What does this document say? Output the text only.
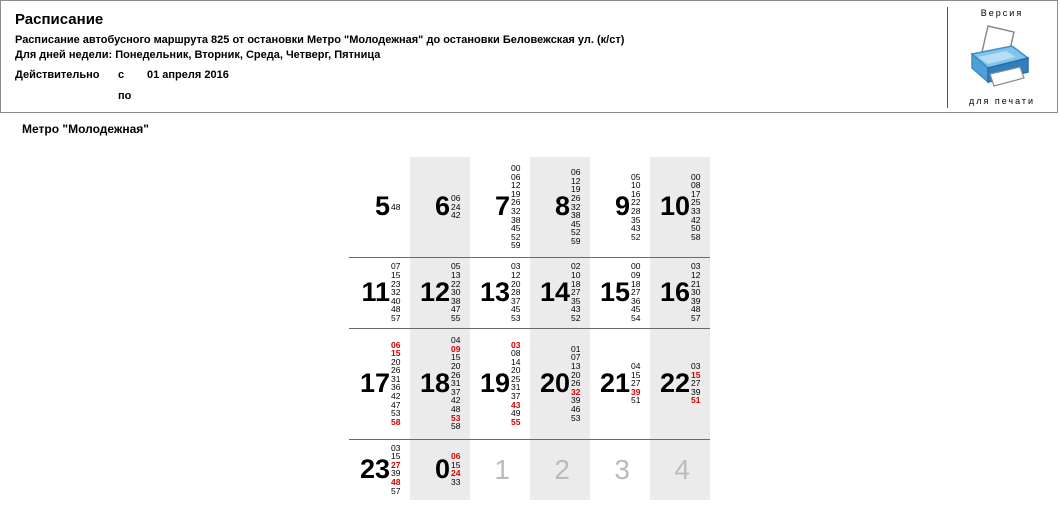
Расписание
Расписание автобусного маршрута 825 от остановки Метро "Молодежная" до остановки Беловежская ул. (к/ст)
Для дней недели: Понедельник, Вторник, Среда, Четверг, Пятница
Действительно с 01 апреля 2016
по
Версия
для печати
Метро "Молодежная"
5 48 6 06
24
42 7
00
06
12
19
26
32
38
45
52
59
8
06
12
19
26
32
38
45
52
59
9
05
10
16
22
28
35
43
52
10
00
08
17
25
33
42
50
58
11
07
15
23
32
40
48
57
12
05
13
22
30
38
47
55
13
03
12
20
28
37
45
53
14
02
10
18
27
35
43
52
15
00
09
18
27
36
45
54
16
03
12
21
30
39
48
57
17
06
15
20
26
31
36
42
47
53
58
18
04
09
15
20
26
31
37
42
48
53
58
19
03
08
14
20
25
31
37
43
49
55
20
01
07
13
20
26
32
39
46
53
21
04
15
27
39
51
22
03
15
27
39
51
23
03
15
27
39
48
57
0 06
15
24
33 1 2 3 4
